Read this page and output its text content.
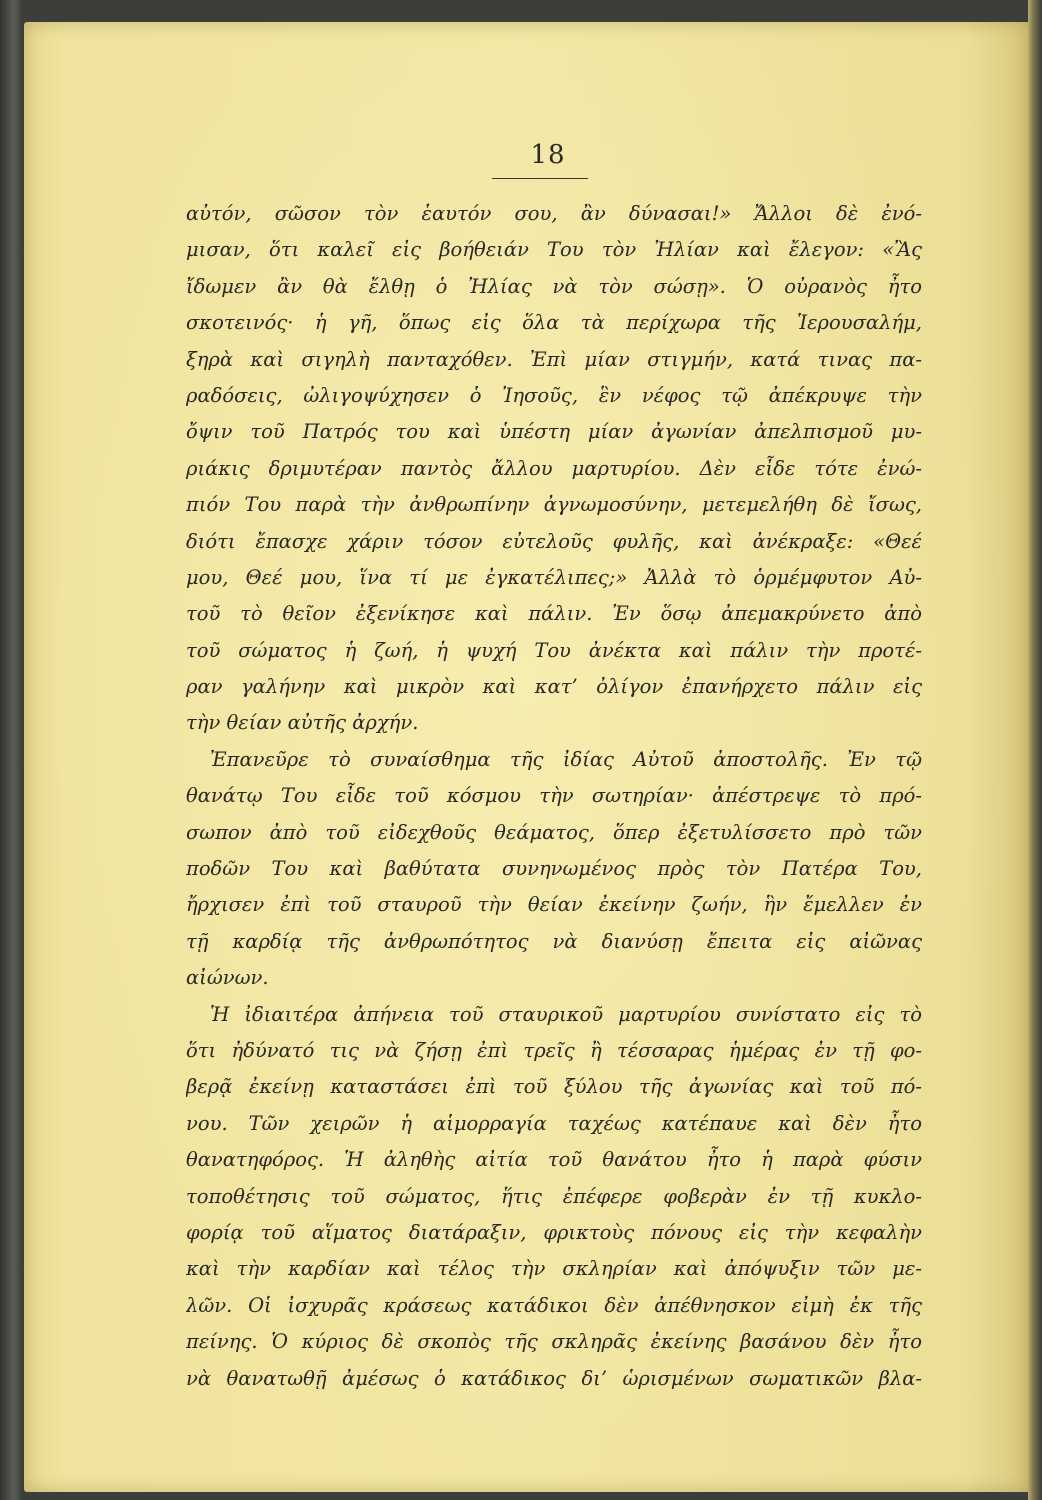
18
αὐτόν, σῶσον τὸν ἑαυτόν σου, ἂν δύνασαι!» Ἄλλοι δὲ ἐνό-
μισαν, ὅτι καλεῖ εἰς βοήθειάν Του τὸν Ἠλίαν καὶ ἔλεγον: «Ἂς
ἴδωμεν ἂν θὰ ἔλθῃ ὁ Ἠλίας νὰ τὸν σώσῃ». Ὁ οὐρανὸς ἦτο
σκοτεινός· ἡ γῆ, ὅπως εἰς ὅλα τὰ περίχωρα τῆς Ἱερουσαλήμ,
ξηρὰ καὶ σιγηλὴ πανταχόθεν. Ἐπὶ μίαν στιγμήν, κατά τινας πα-
ραδόσεις, ὠλιγοψύχησεν ὁ Ἰησοῦς, ἓν νέφος τῷ ἀπέκρυψε τὴν
ὄψιν τοῦ Πατρός του καὶ ὑπέστη μίαν ἀγωνίαν ἀπελπισμοῦ μυ-
ριάκις δριμυτέραν παντὸς ἄλλου μαρτυρίου. Δὲν εἶδε τότε ἐνώ-
πιόν Του παρὰ τὴν ἀνθρωπίνην ἀγνωμοσύνην, μετεμελήθη δὲ ἴσως,
διότι ἔπασχε χάριν τόσον εὐτελοῦς φυλῆς, καὶ ἀνέκραξε: «Θεέ
μου, Θεέ μου, ἵνα τί με ἐγκατέλιπες;» Ἀλλὰ τὸ ὁρμέμφυτον Αὐ-
τοῦ τὸ θεῖον ἐξενίκησε καὶ πάλιν. Ἐν ὅσῳ ἀπεμακρύνετο ἀπὸ
τοῦ σώματος ἡ ζωή, ἡ ψυχή Του ἀνέκτα καὶ πάλιν τὴν προτέ-
ραν γαλήνην καὶ μικρὸν καὶ κατ’ ὀλίγον ἐπανήρχετο πάλιν εἰς
τὴν θείαν αὐτῆς ἀρχήν.
Ἐπανεῦρε τὸ συναίσθημα τῆς ἰδίας Αὐτοῦ ἀποστολῆς. Ἐν τῷ
θανάτῳ Του εἶδε τοῦ κόσμου τὴν σωτηρίαν· ἀπέστρεψε τὸ πρό-
σωπον ἀπὸ τοῦ εἰδεχθοῦς θεάματος, ὅπερ ἐξετυλίσσετο πρὸ τῶν
ποδῶν Του καὶ βαθύτατα συνηνωμένος πρὸς τὸν Πατέρα Του,
ἤρχισεν ἐπὶ τοῦ σταυροῦ τὴν θείαν ἐκείνην ζωήν, ἣν ἔμελλεν ἐν
τῇ καρδίᾳ τῆς ἀνθρωπότητος νὰ διανύσῃ ἔπειτα εἰς αἰῶνας
αἰώνων.
Ἡ ἰδιαιτέρα ἀπήνεια τοῦ σταυρικοῦ μαρτυρίου συνίστατο εἰς τὸ
ὅτι ἠδύνατό τις νὰ ζήσῃ ἐπὶ τρεῖς ἢ τέσσαρας ἡμέρας ἐν τῇ φο-
βερᾷ ἐκείνῃ καταστάσει ἐπὶ τοῦ ξύλου τῆς ἀγωνίας καὶ τοῦ πό-
νου. Τῶν χειρῶν ἡ αἱμορραγία ταχέως κατέπαυε καὶ δὲν ἦτο
θανατηφόρος. Ἡ ἀληθὴς αἰτία τοῦ θανάτου ἦτο ἡ παρὰ φύσιν
τοποθέτησις τοῦ σώματος, ἥτις ἐπέφερε φοβερὰν ἐν τῇ κυκλο-
φορίᾳ τοῦ αἵματος διατάραξιν, φρικτοὺς πόνους εἰς τὴν κεφαλὴν
καὶ τὴν καρδίαν καὶ τέλος τὴν σκληρίαν καὶ ἀπόψυξιν τῶν με-
λῶν. Οἱ ἰσχυρᾶς κράσεως κατάδικοι δὲν ἀπέθνησκον εἰμὴ ἐκ τῆς
πείνης. Ὁ κύριος δὲ σκοπὸς τῆς σκληρᾶς ἐκείνης βασάνου δὲν ἦτο
νὰ θανατωθῇ ἀμέσως ὁ κατάδικος δι’ ὡρισμένων σωματικῶν βλα-
